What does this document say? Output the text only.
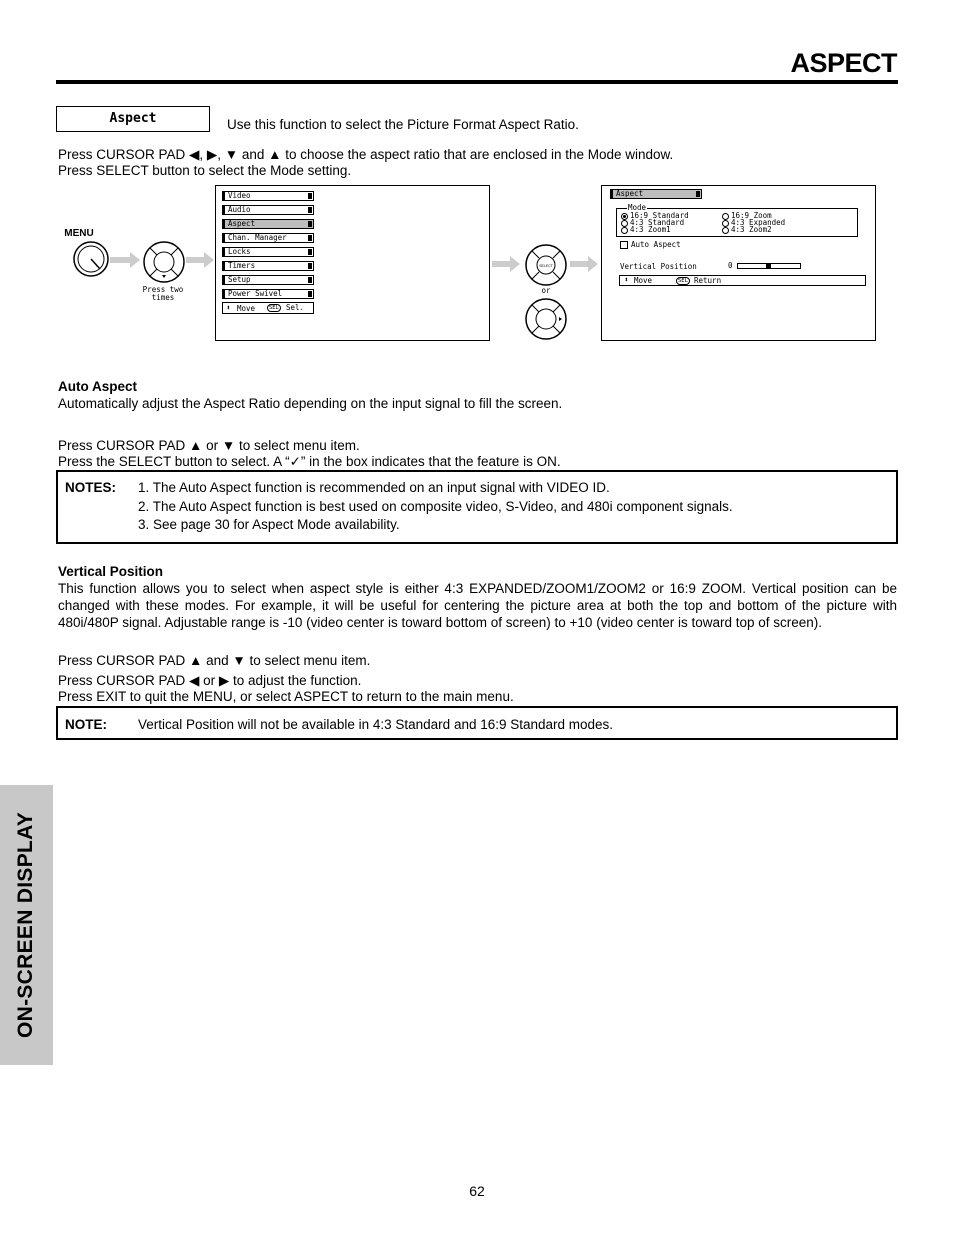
ASPECT
Aspect	Use this function to select the Picture Format Aspect Ratio.
Press CURSOR PAD ◀, ▶, ▼ and ▲ to choose the aspect ratio that are enclosed in the Mode window.
Press SELECT button to select the Mode setting.
MENU
Press two times
Video
Audio
Aspect
Chan. Manager
Locks
Timers
Setup
Power Swivel
⬍ Move	SEL Sel.
SELECT
or
Aspect
Mode
16:9 Standard	16:9 Zoom
4:3 Standard	4:3 Expanded
4:3 Zoom1	4:3 Zoom2
Auto Aspect
Vertical Position	0
⬍ Move	SEL Return
Auto Aspect
Automatically adjust the Aspect Ratio depending on the input signal to fill the screen.
Press CURSOR PAD ▲ or ▼ to select menu item.
Press the SELECT button to select. A “✓” in the box indicates that the feature is ON.
NOTES: 1. The Auto Aspect function is recommended on an input signal with VIDEO ID.
2. The Auto Aspect function is best used on composite video, S-Video, and 480i component signals.
3. See page 30 for Aspect Mode availability.
Vertical Position
This function allows you to select when aspect style is either 4:3 EXPANDED/ZOOM1/ZOOM2 or 16:9 ZOOM. Vertical position can be changed with these modes. For example, it will be useful for centering the picture area at both the top and bottom of the picture with 480i/480P signal. Adjustable range is -10 (video center is toward bottom of screen) to +10 (video center is toward top of screen).
Press CURSOR PAD ▲ and ▼ to select menu item.
Press CURSOR PAD ◀ or ▶ to adjust the function.
Press EXIT to quit the MENU, or select ASPECT to return to the main menu.
NOTE: Vertical Position will not be available in 4:3 Standard and 16:9 Standard modes.
ON-SCREEN DISPLAY
62
